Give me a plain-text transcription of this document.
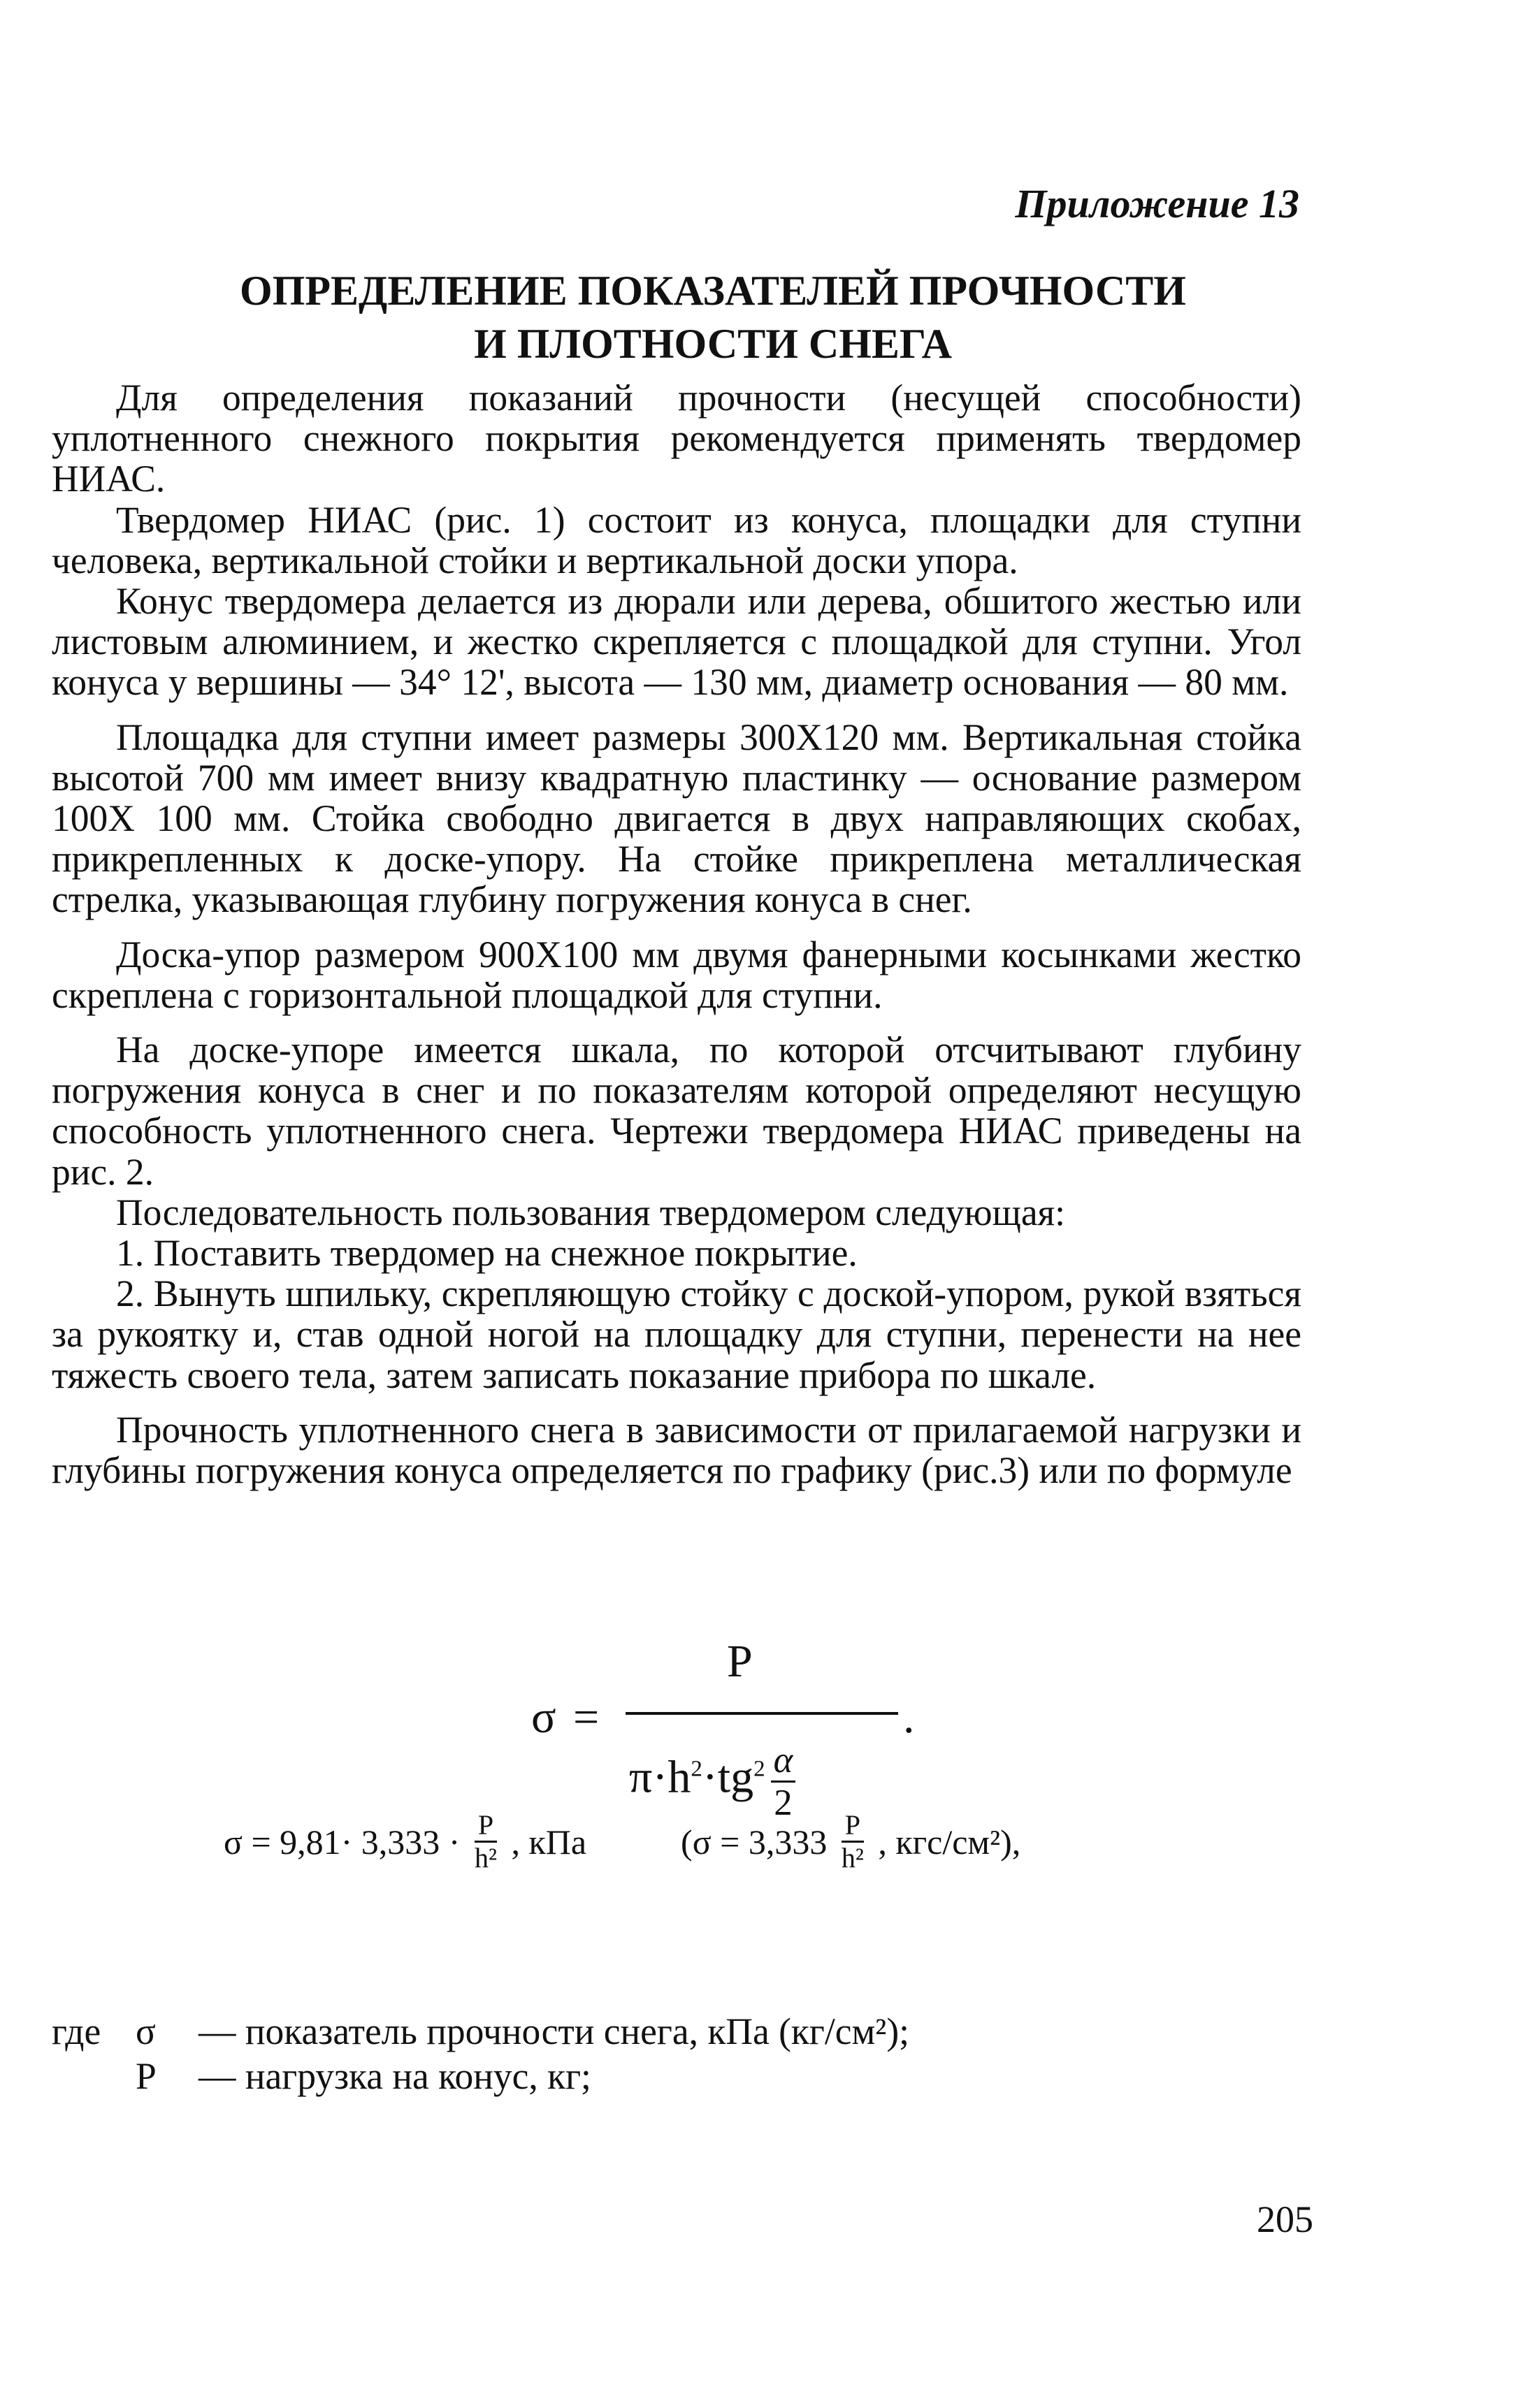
Приложение 13
ОПРЕДЕЛЕНИЕ ПОКАЗАТЕЛЕЙ ПРОЧНОСТИ
И ПЛОТНОСТИ СНЕГА

Для определения показаний прочности (несущей способности) уплотненного снежного покрытия рекомендуется применять твердомер НИАС.

Твердомер НИАС (рис. 1) состоит из конуса, площадки для ступни человека, вертикальной стойки и вертикальной доски упора.

Конус твердомера делается из дюрали или дерева, обшитого жестью или листовым алюминием, и жестко скрепляется с площадкой для ступни. Угол конуса у вершины — 34° 12', высота — 130 мм, диаметр основания — 80 мм.

Площадка для ступни имеет размеры 300Х120 мм. Вертикальная стойка высотой 700 мм имеет внизу квадратную пластинку — основание размером 100Х 100 мм. Стойка свободно двигается в двух направляющих скобах, прикрепленных к доске-упору. На стойке прикреплена металлическая стрелка, указывающая глубину погружения конуса в снег.

Доска-упор размером 900Х100 мм двумя фанерными косынками жестко скреплена с горизонтальной площадкой для ступни.

На доске-упоре имеется шкала, по которой отсчитывают глубину погружения конуса в снег и по показателям которой определяют несущую способность уплотненного снега. Чертежи твердомера НИАС приведены на рис. 2.

Последовательность пользования твердомером следующая:

1. Поставить твердомер на снежное покрытие.

2. Вынуть шпильку, скрепляющую стойку с доской-упором, рукой взяться за рукоятку и, став одной ногой на площадку для ступни, перенести на нее тяжесть своего тела, затем записать показание прибора по шкале.

Прочность уплотненного снега в зависимости от прилагаемой нагрузки и глубины погружения конуса определяется по графику (рис.3) или по формуле

σ =
P
$\pi\cdot h^2\cdot tg^2 \frac{\alpha}{2}$
.
$\sigma = 9,81\cdot 3,333 \cdot \frac{P}{\text{h²}}$ , кПа	($\sigma = 3,333 \frac{P}{\text{h²}}$ , кгс/см²),
где σ — показатель прочности снега, кПа (кг/см²);
P — нагрузка на конус, кг;
205
